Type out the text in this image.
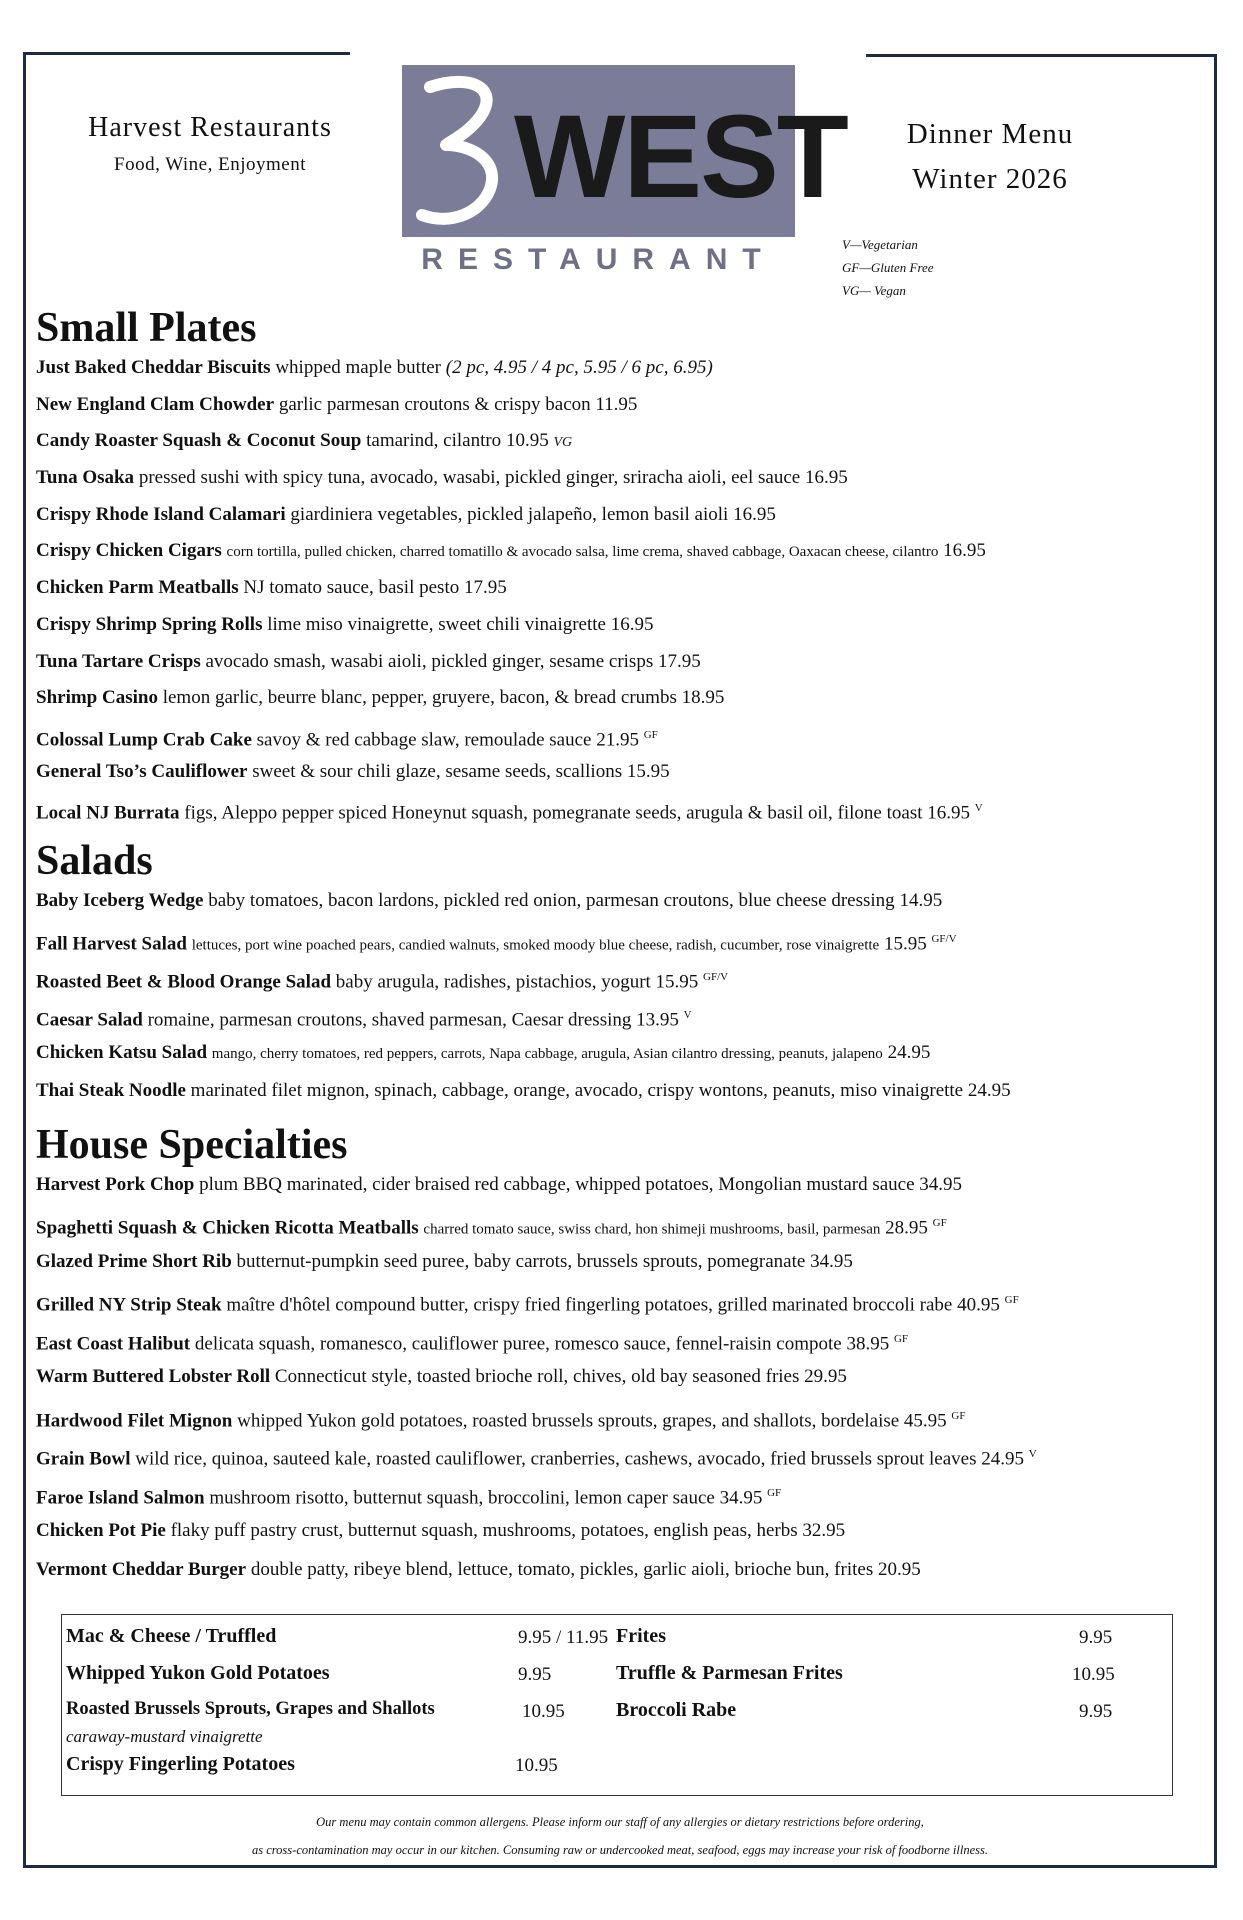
Harvest Restaurants
Food, Wine, Enjoyment	WEST
RESTAURANT
Dinner Menu
Winter 2026
V—Vegetarian
GF—Gluten Free
VG— Vegan
Small Plates
Just Baked Cheddar Biscuits whipped maple butter (2 pc, 4.95 / 4 pc, 5.95 / 6 pc, 6.95)
New England Clam Chowder garlic parmesan croutons & crispy bacon 11.95
Candy Roaster Squash & Coconut Soup tamarind, cilantro 10.95 VG
Tuna Osaka pressed sushi with spicy tuna, avocado, wasabi, pickled ginger, sriracha aioli, eel sauce 16.95
Crispy Rhode Island Calamari giardiniera vegetables, pickled jalapeño, lemon basil aioli 16.95
Crispy Chicken Cigars corn tortilla, pulled chicken, charred tomatillo & avocado salsa, lime crema, shaved cabbage, Oaxacan cheese, cilantro 16.95
Chicken Parm Meatballs NJ tomato sauce, basil pesto 17.95
Crispy Shrimp Spring Rolls lime miso vinaigrette, sweet chili vinaigrette 16.95
Tuna Tartare Crisps avocado smash, wasabi aioli, pickled ginger, sesame crisps 17.95
Shrimp Casino lemon garlic, beurre blanc, pepper, gruyere, bacon, & bread crumbs 18.95
Colossal Lump Crab Cake savoy & red cabbage slaw, remoulade sauce 21.95 $^{GF}$
General Tso’s Cauliflower sweet & sour chili glaze, sesame seeds, scallions 15.95
Local NJ Burrata figs, Aleppo pepper spiced Honeynut squash, pomegranate seeds, arugula & basil oil, filone toast 16.95 $^V$
Salads
Baby Iceberg Wedge baby tomatoes, bacon lardons, pickled red onion, parmesan croutons, blue cheese dressing 14.95
Fall Harvest Salad lettuces, port wine poached pears, candied walnuts, smoked moody blue cheese, radish, cucumber, rose vinaigrette 15.95 $^{GF/V}$
Roasted Beet & Blood Orange Salad baby arugula, radishes, pistachios, yogurt 15.95 $^{GF/V}$
Caesar Salad romaine, parmesan croutons, shaved parmesan, Caesar dressing 13.95 $^V$
Chicken Katsu Salad mango, cherry tomatoes, red peppers, carrots, Napa cabbage, arugula, Asian cilantro dressing, peanuts, jalapeno 24.95
Thai Steak Noodle marinated filet mignon, spinach, cabbage, orange, avocado, crispy wontons, peanuts, miso vinaigrette 24.95
House Specialties
Harvest Pork Chop plum BBQ marinated, cider braised red cabbage, whipped potatoes, Mongolian mustard sauce 34.95
Spaghetti Squash & Chicken Ricotta Meatballs charred tomato sauce, swiss chard, hon shimeji mushrooms, basil, parmesan 28.95 $^{GF}$
Glazed Prime Short Rib butternut-pumpkin seed puree, baby carrots, brussels sprouts, pomegranate 34.95
Grilled NY Strip Steak maître d'hôtel compound butter, crispy fried fingerling potatoes, grilled marinated broccoli rabe 40.95 $^{GF}$
East Coast Halibut delicata squash, romanesco, cauliflower puree, romesco sauce, fennel-raisin compote 38.95 $^{GF}$
Warm Buttered Lobster Roll Connecticut style, toasted brioche roll, chives, old bay seasoned fries 29.95
Hardwood Filet Mignon whipped Yukon gold potatoes, roasted brussels sprouts, grapes, and shallots, bordelaise 45.95 $^{GF}$
Grain Bowl wild rice, quinoa, sauteed kale, roasted cauliflower, cranberries, cashews, avocado, fried brussels sprout leaves 24.95 $^V$
Faroe Island Salmon mushroom risotto, butternut squash, broccolini, lemon caper sauce 34.95 $^{GF}$
Chicken Pot Pie flaky puff pastry crust, butternut squash, mushrooms, potatoes, english peas, herbs 32.95
Vermont Cheddar Burger double patty, ribeye blend, lettuce, tomato, pickles, garlic aioli, brioche bun, frites 20.95
Mac & Cheese / Truffled	9.95 / 11.95
Whipped Yukon Gold Potatoes	9.95
Roasted Brussels Sprouts, Grapes and Shallots	10.95
caraway-mustard vinaigrette
Crispy Fingerling Potatoes	10.95
Frites	9.95
Truffle & Parmesan Frites	10.95
Broccoli Rabe	9.95
Our menu may contain common allergens. Please inform our staff of any allergies or dietary restrictions before ordering,
as cross-contamination may occur in our kitchen. Consuming raw or undercooked meat, seafood, eggs may increase your risk of foodborne illness.
